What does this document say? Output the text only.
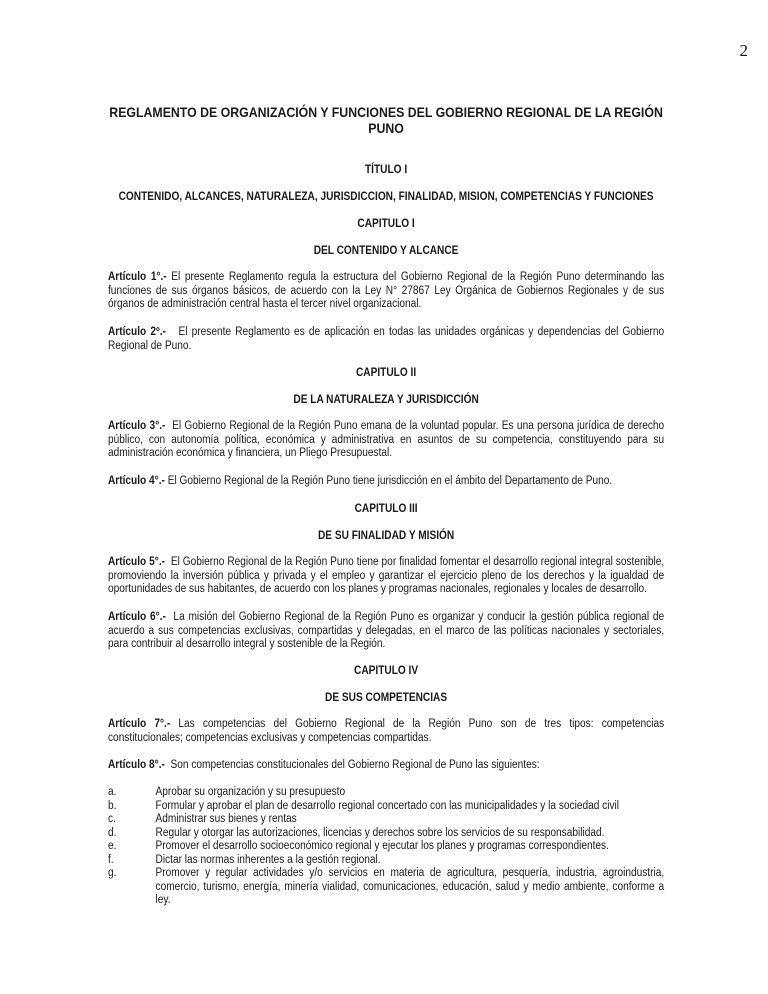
2
REGLAMENTO DE ORGANIZACIÓN Y FUNCIONES DEL GOBIERNO REGIONAL DE LA REGIÓN
PUNO
TÍTULO I
CONTENIDO, ALCANCES, NATURALEZA, JURISDICCION, FINALIDAD, MISION, COMPETENCIAS Y FUNCIONES
CAPITULO I
DEL CONTENIDO Y ALCANCE
Artículo 1°.- El presente Reglamento regula la estructura del Gobierno Regional de la Región Puno determinando las
funciones de sus órganos básicos, de acuerdo con la Ley N° 27867 Ley Orgánica de Gobiernos Regionales y de sus
órganos de administración central hasta el tercer nivel organizacional.
Artículo 2º.- El presente Reglamento es de aplicación en todas las unidades orgánicas y dependencias del Gobierno
Regional de Puno.
CAPITULO II
DE LA NATURALEZA Y JURISDICCIÓN
Artículo 3°.- El Gobierno Regional de la Región Puno emana de la voluntad popular. Es una persona jurídica de derecho
público, con autonomía política, económica y administrativa en asuntos de su competencia, constituyendo para su
administración económica y financiera, un Pliego Presupuestal.
Artículo 4°.- El Gobierno Regional de la Región Puno tiene jurisdicción en el ámbito del Departamento de Puno.
CAPITULO III
DE SU FINALIDAD Y MISIÓN
Artículo 5°.- El Gobierno Regional de la Región Puno tiene por finalidad fomentar el desarrollo regional integral sostenible,
promoviendo la inversión pública y privada y el empleo y garantizar el ejercicio pleno de los derechos y la igualdad de
oportunidades de sus habitantes, de acuerdo con los planes y programas nacionales, regionales y locales de desarrollo.
Artículo 6°.- La misión del Gobierno Regional de la Región Puno es organizar y conducir la gestión pública regional de
acuerdo a sus competencias exclusivas, compartidas y delegadas, en el marco de las políticas nacionales y sectoriales,
para contribuir al desarrollo integral y sostenible de la Región.
CAPITULO IV
DE SUS COMPETENCIAS
Artículo 7°.- Las competencias del Gobierno Regional de la Región Puno son de tres tipos: competencias
constitucionales; competencias exclusivas y competencias compartidas.
Artículo 8°.- Son competencias constitucionales del Gobierno Regional de Puno las siguientes:
a.	Aprobar su organización y su presupuesto
b.	Formular y aprobar el plan de desarrollo regional concertado con las municipalidades y la sociedad civil
c.	Administrar sus bienes y rentas
d.	Regular y otorgar las autorizaciones, licencias y derechos sobre los servicios de su responsabilidad.
e.	Promover el desarrollo socioeconómico regional y ejecutar los planes y programas correspondientes.
f.	Dictar las normas inherentes a la gestión regional.
g.	Promover y regular actividades y/o servicios en materia de agricultura, pesquería, industria, agroindustria,
comercio, turismo, energía, minería vialidad, comunicaciones, educación, salud y medio ambiente, conforme a
ley.
